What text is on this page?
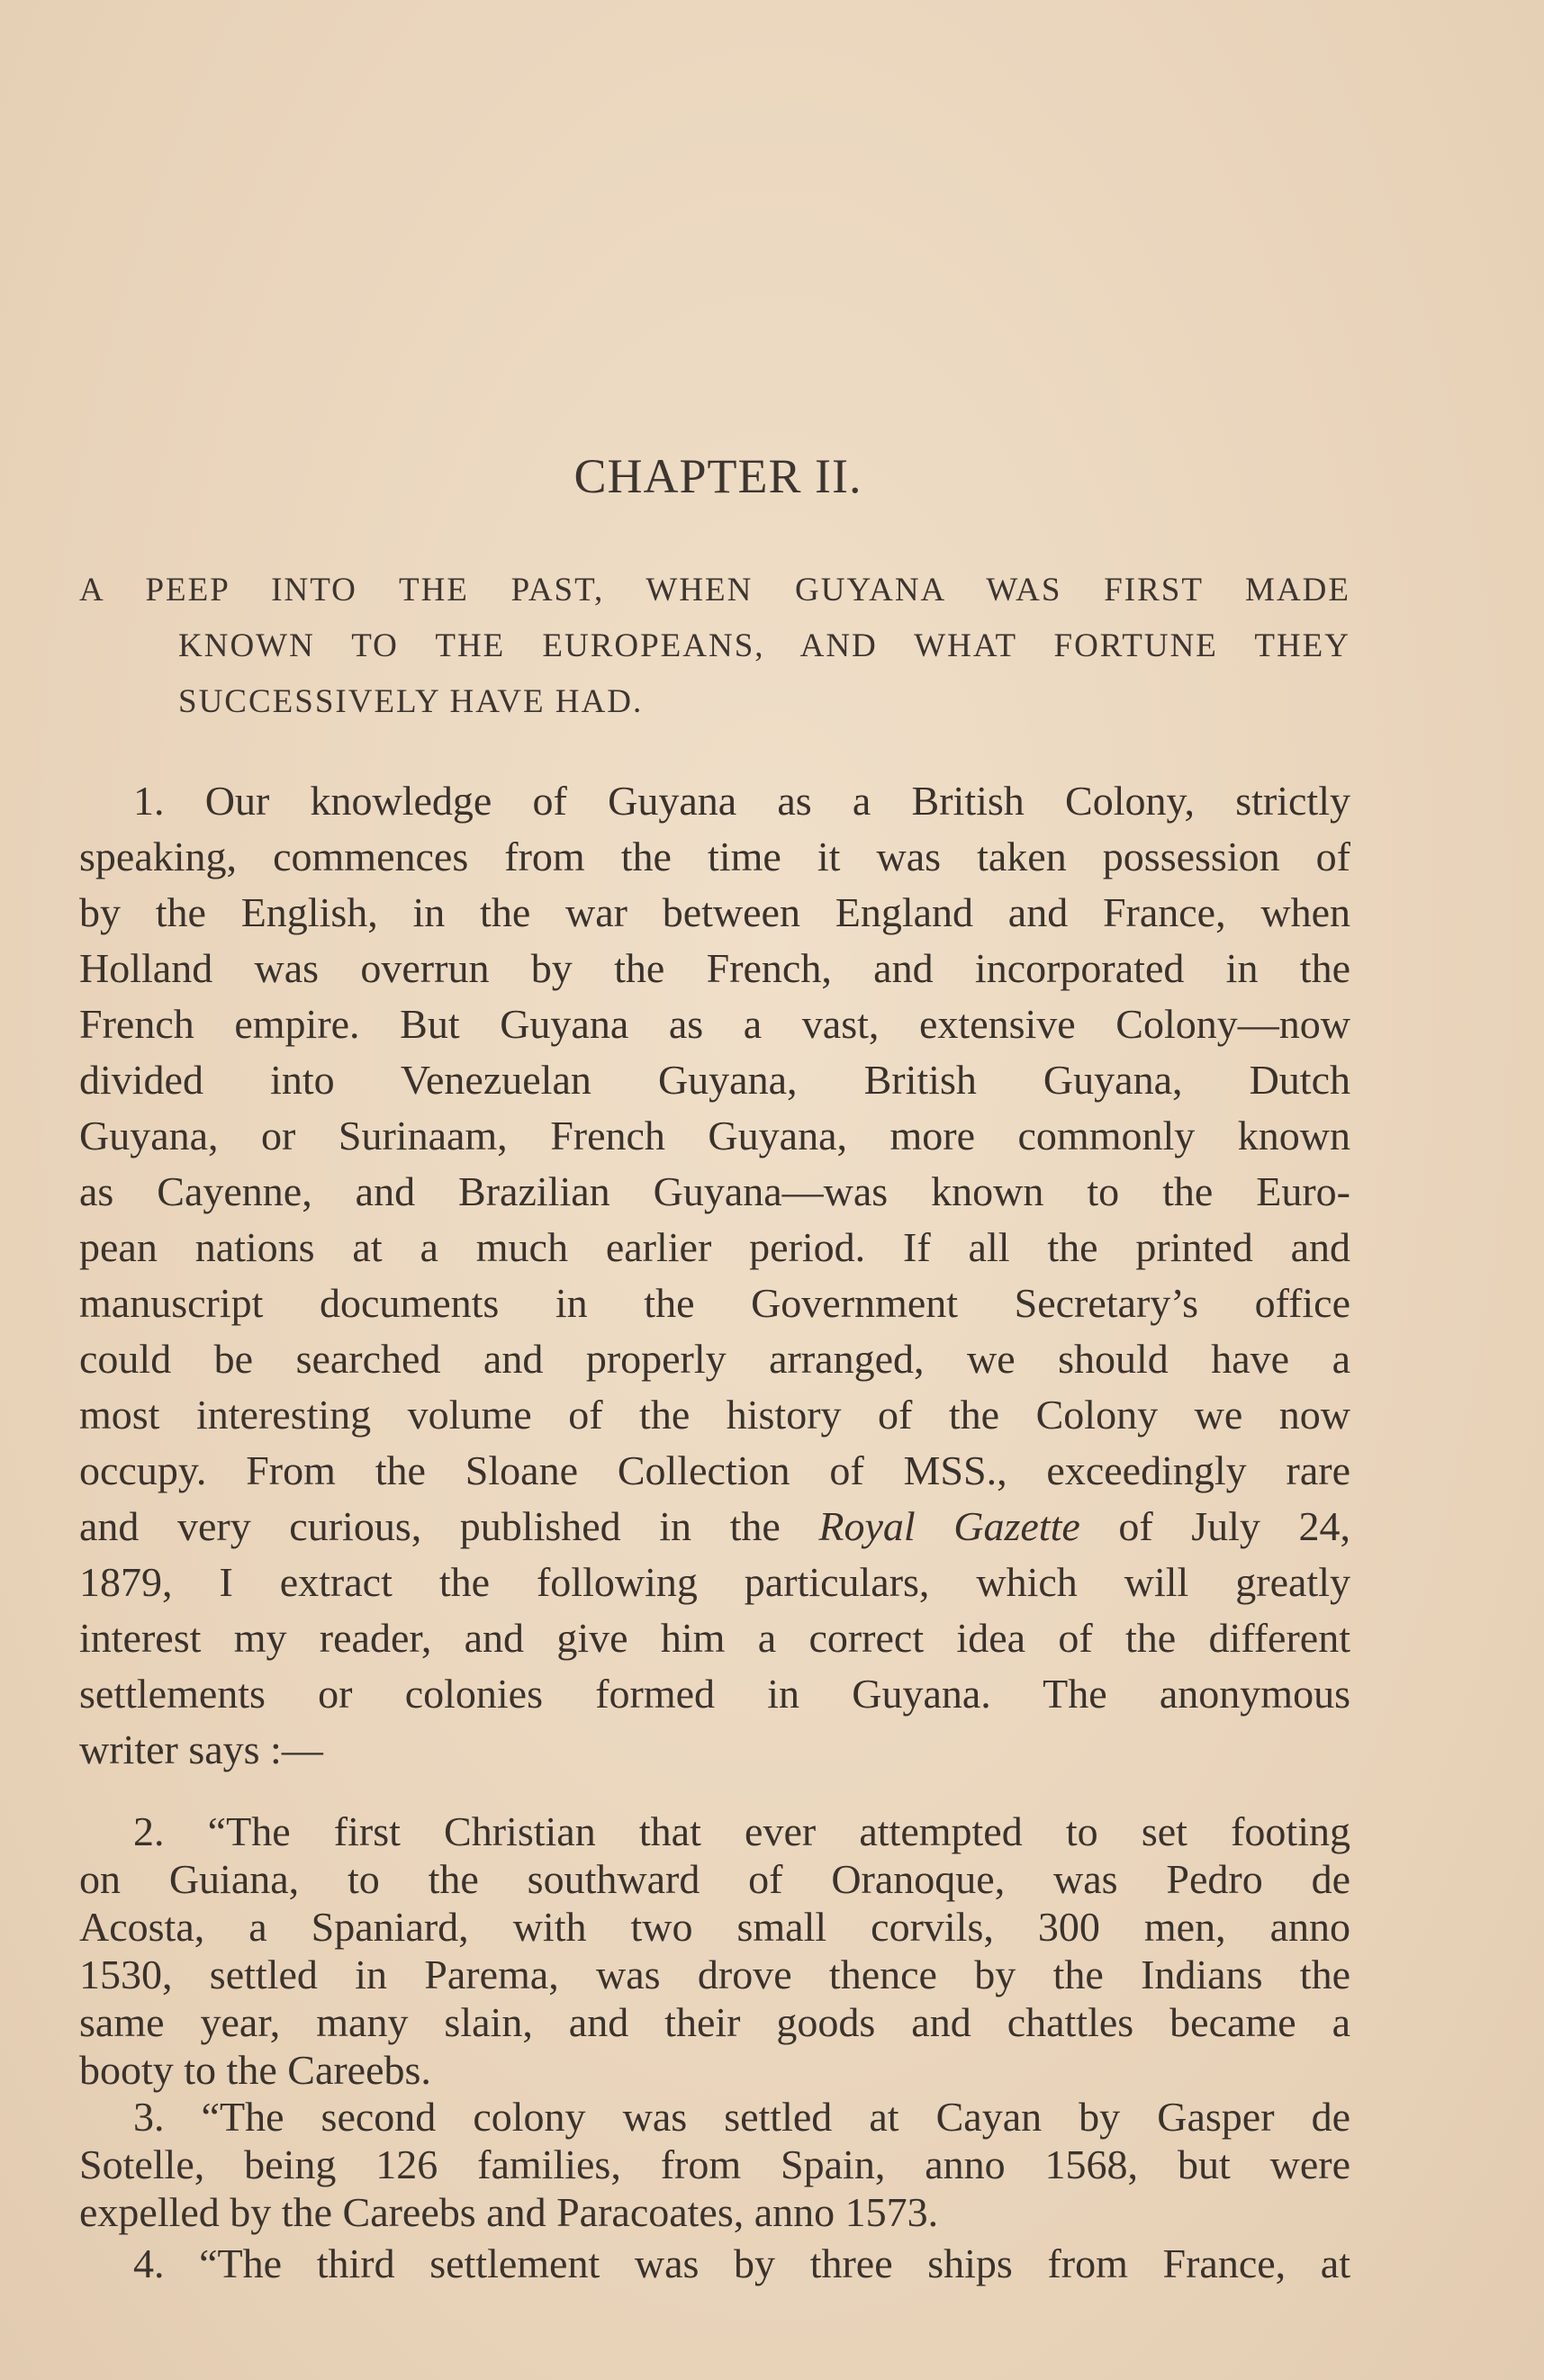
CHAPTER II.
A PEEP INTO THE PAST, WHEN GUYANA WAS FIRST MADE
KNOWN TO THE EUROPEANS, AND WHAT FORTUNE THEY
SUCCESSIVELY HAVE HAD.
1. Our knowledge of Guyana as a British Colony, strictly
speaking, commences from the time it was taken possession of
by the English, in the war between England and France, when
Holland was overrun by the French, and incorporated in the
French empire. But Guyana as a vast, extensive Colony—now
divided into Venezuelan Guyana, British Guyana, Dutch
Guyana, or Surinaam, French Guyana, more commonly known
as Cayenne, and Brazilian Guyana—was known to the Euro-
pean nations at a much earlier period. If all the printed and
manuscript documents in the Government Secretary’s office
could be searched and properly arranged, we should have a
most interesting volume of the history of the Colony we now
occupy. From the Sloane Collection of MSS., exceedingly rare
and very curious, published in the Royal Gazette of July 24,
1879, I extract the following particulars, which will greatly
interest my reader, and give him a correct idea of the different
settlements or colonies formed in Guyana. The anonymous
writer says :—
2. “The first Christian that ever attempted to set footing
on Guiana, to the southward of Oranoque, was Pedro de
Acosta, a Spaniard, with two small corvils, 300 men, anno
1530, settled in Parema, was drove thence by the Indians the
same year, many slain, and their goods and chattles became a
booty to the Careebs.
3. “The second colony was settled at Cayan by Gasper de
Sotelle, being 126 families, from Spain, anno 1568, but were
expelled by the Careebs and Paracoates, anno 1573.
4. “The third settlement was by three ships from France, at
